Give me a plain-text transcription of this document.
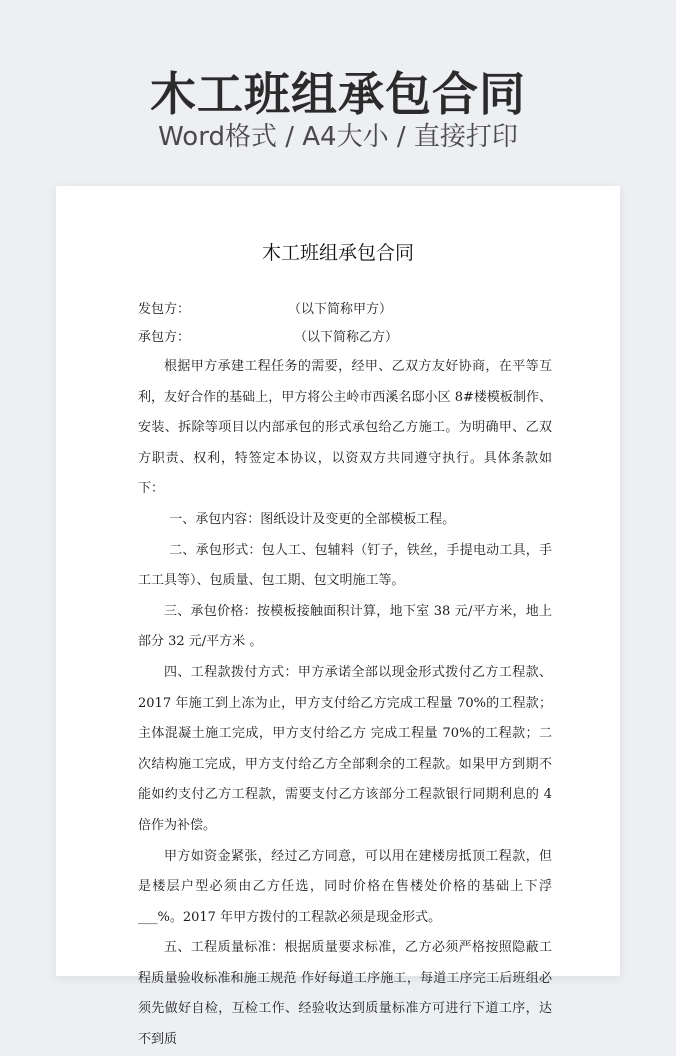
木工班组承包合同
Word格式 / A4大小 / 直接打印
木工班组承包合同
发包方：	（以下简称甲方）
承包方：	（以下简称乙方）

根据甲方承建工程任务的需要，经甲、乙双方友好协商，在平等互利，友好合作的基础上，甲方将公主岭市西溪名邸小区 8#楼模板制作、安装、拆除等项目以内部承包的形式承包给乙方施工。为明确甲、乙双方职责、权利，特签定本协议，以资双方共同遵守执行。具体条款如下：

一、承包内容：图纸设计及变更的全部模板工程。

二、承包形式：包人工、包辅料（钉子，铁丝，手提电动工具，手工工具等）、包质量、包工期、包文明施工等。

三、承包价格：按模板接触面积计算，地下室 38 元/平方米，地上部分 32 元/平方米 。

四、工程款拨付方式：甲方承诺全部以现金形式拨付乙方工程款、2017 年施工到上冻为止，甲方支付给乙方完成工程量 70%的工程款；主体混凝土施工完成，甲方支付给乙方 完成工程量 70%的工程款；二次结构施工完成，甲方支付给乙方全部剩余的工程款。如果甲方到期不能如约支付乙方工程款，需要支付乙方该部分工程款银行同期利息的 4 倍作为补偿。

甲方如资金紧张，经过乙方同意，可以用在建楼房抵顶工程款，但是楼层户型必须由乙方任选，同时价格在售楼处价格的基础上下浮___%。2017 年甲方拨付的工程款必须是现金形式。

五、工程质量标准：根据质量要求标准，乙方必须严格按照隐蔽工程质量验收标准和施工规范 作好每道工序施工，每道工序完工后班组必须先做好自检，互检工作、经验收达到质量标准方可进行下道工序，达不到质
